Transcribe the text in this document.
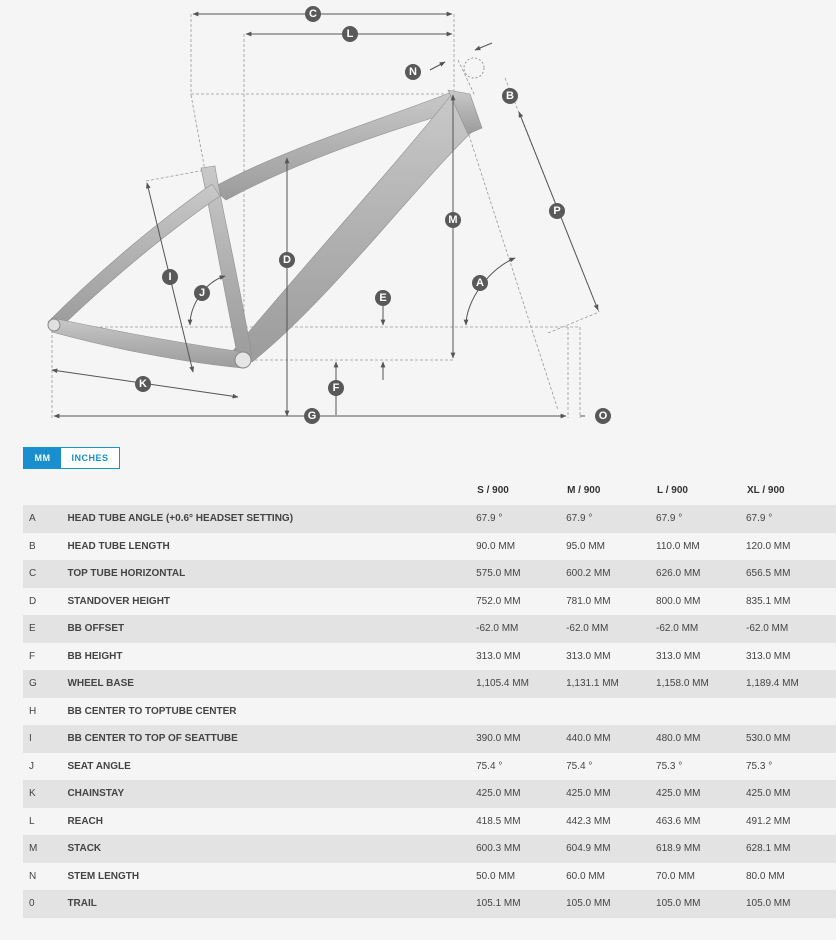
C
L
N
B
P
M
D
I	A
J	E
K	F
G	O
MM	INCHES
		S / 900	M / 900	L / 900	XL / 900
A	HEAD TUBE ANGLE (+0.6° HEADSET SETTING)	67.9 °	67.9 °	67.9 °	67.9 °
B	HEAD TUBE LENGTH	90.0 MM	95.0 MM	110.0 MM	120.0 MM
C	TOP TUBE HORIZONTAL	575.0 MM	600.2 MM	626.0 MM	656.5 MM
D	STANDOVER HEIGHT	752.0 MM	781.0 MM	800.0 MM	835.1 MM
E	BB OFFSET	-62.0 MM	-62.0 MM	-62.0 MM	-62.0 MM
F	BB HEIGHT	313.0 MM	313.0 MM	313.0 MM	313.0 MM
G	WHEEL BASE	1,105.4 MM	1,131.1 MM	1,158.0 MM	1,189.4 MM
H	BB CENTER TO TOPTUBE CENTER				
I	BB CENTER TO TOP OF SEATTUBE	390.0 MM	440.0 MM	480.0 MM	530.0 MM
J	SEAT ANGLE	75.4 °	75.4 °	75.3 °	75.3 °
K	CHAINSTAY	425.0 MM	425.0 MM	425.0 MM	425.0 MM
L	REACH	418.5 MM	442.3 MM	463.6 MM	491.2 MM
M	STACK	600.3 MM	604.9 MM	618.9 MM	628.1 MM
N	STEM LENGTH	50.0 MM	60.0 MM	70.0 MM	80.0 MM
0	TRAIL	105.1 MM	105.0 MM	105.0 MM	105.0 MM
